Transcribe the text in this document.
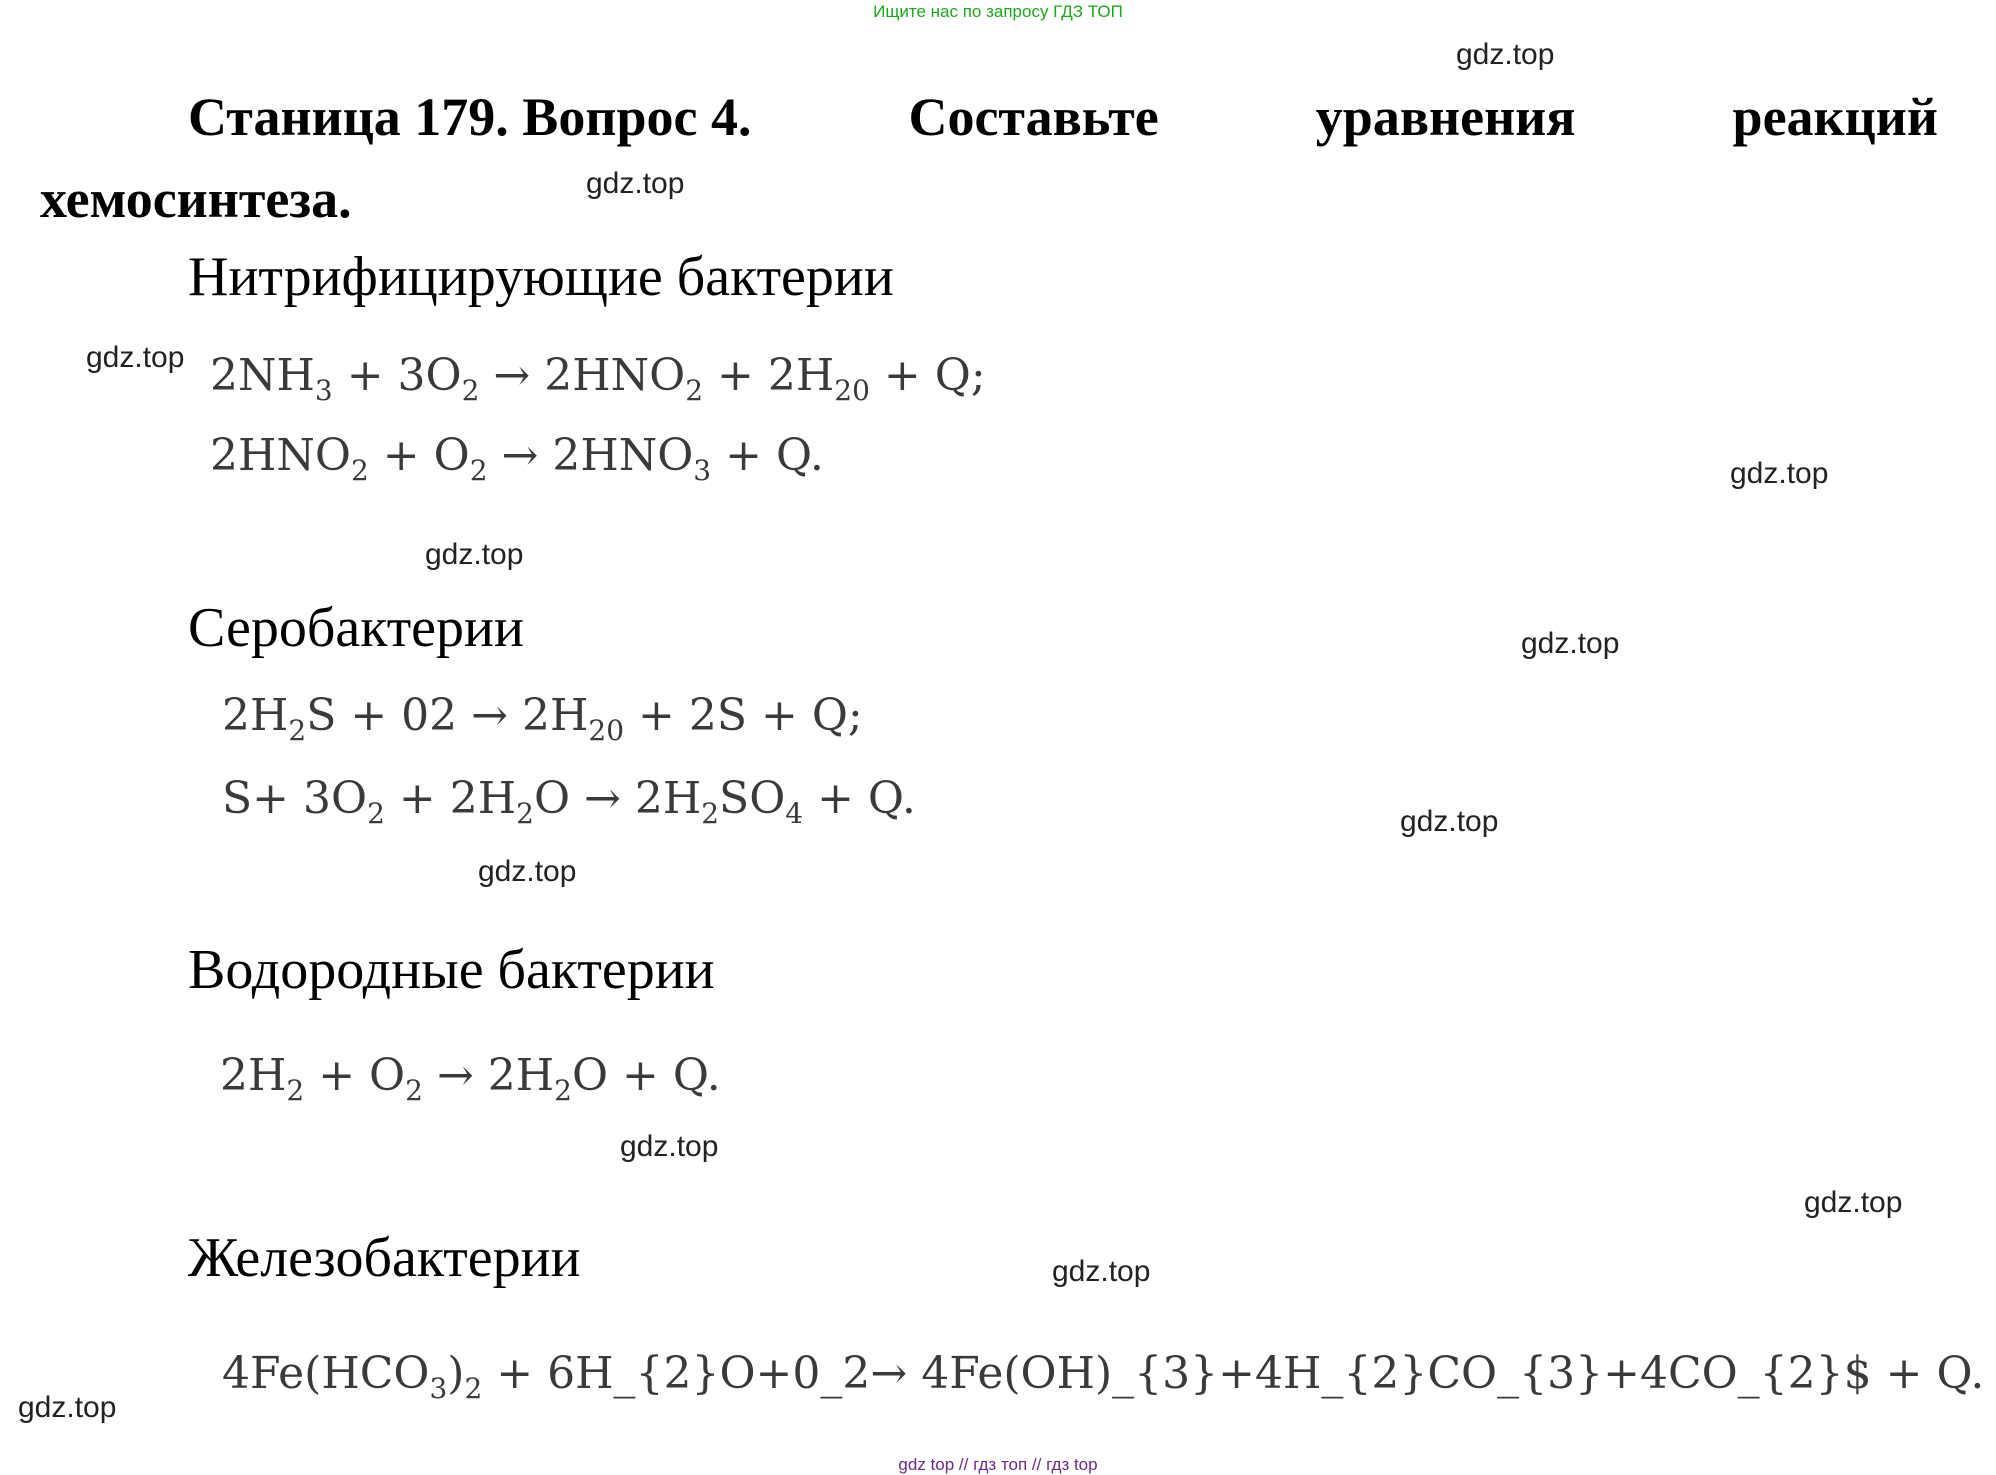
Ищите нас по запросу ГДЗ ТОП
Станица 179. Вопрос 4.	Составьте	уравнения	реакций
хемосинтеза.
Нитрифицирующие бактерии
$2NH_3 + 3O_2 \to 2HNO_2 + 2H_{20} + Q$;
$2HNO_2 + O_2 \to 2HNO_3 + Q$.
Серобактерии
$2H_2S + 02 \to 2H_{20} + 2S + Q$;
$S+ 3O_2 + 2H_2O \to 2H_2SO_4 + Q$.
Водородные бактерии
$2H_2 + O_2 \to 2H_2O + Q$.
Железобактерии
$4Fe(HCO_3)_2$ + 6H_{2}O+0_2→ 4Fe(OH)_{3}+4H_{2}CO_{3}+4CO_{2}$ + Q.
gdz.top
gdz.top
gdz.top
gdz.top
gdz.top
gdz.top
gdz.top
gdz.top
gdz.top
gdz.top
gdz.top
gdz.top
gdz top // гдз топ // гдз top
